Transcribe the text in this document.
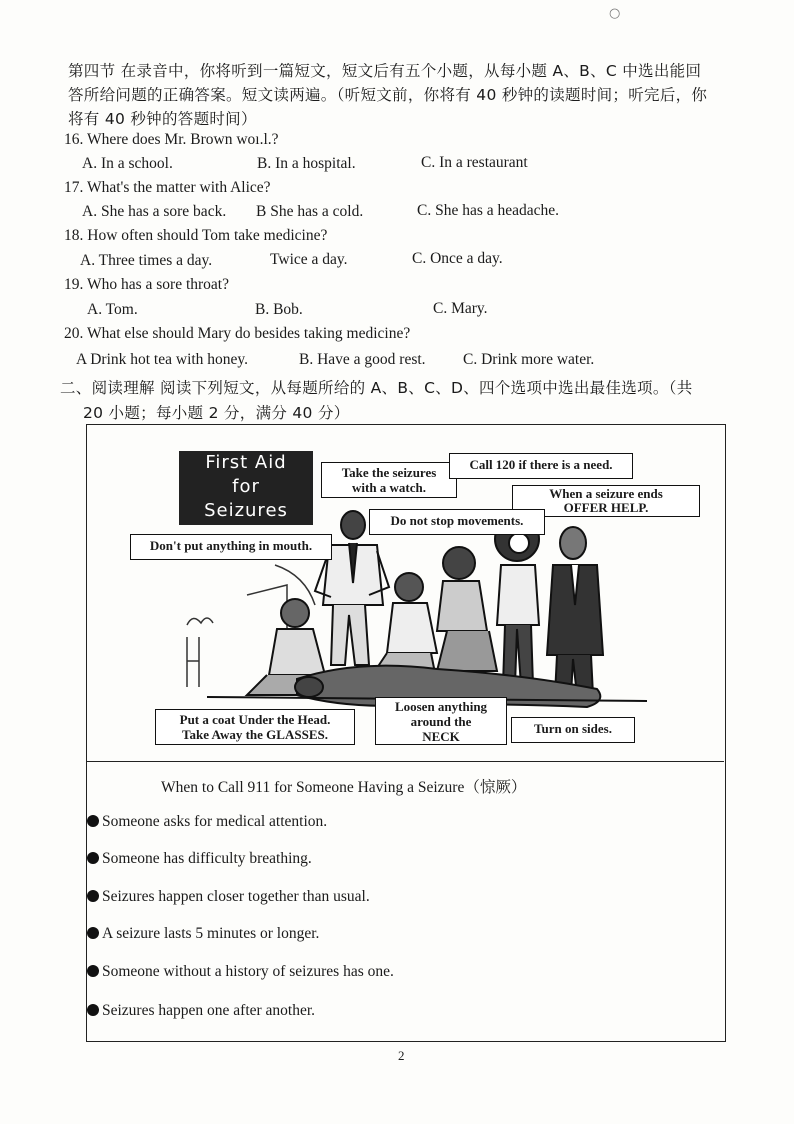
○
第四节 在录音中，你将听到一篇短文，短文后有五个小题，从每小题 A、B、C 中选出能回
答所给问题的正确答案。短文读两遍。（听短文前，你将有 40 秒钟的读题时间；听完后，你
将有 40 秒钟的答题时间）
16. Where does Mr. Brown woı.l.?
A. In a school.	B. In a hospital.	C. In a restaurant
17. What's the matter with Alice?
A. She has a sore back. B She has a cold.	C. She has a headache.
18. How often should Tom take medicine?
A. Three times a day.	Twice a day.	C. Once a day.
19. Who has a sore throat?
A. Tom.	B. Bob.	C. Mary.
20. What else should Mary do besides taking medicine?
A Drink hot tea with honey.	B. Have a good rest. C. Drink more water.
二、阅读理解 阅读下列短文，从每题所给的 A、B、C、D、四个选项中选出最佳选项。（共
20 小题；每小题 2 分，满分 40 分）
First Aid
for
Seizures
Take the seizures
with a watch.
Call 120 if there is a need.
When a seizure ends
OFFER HELP.
Do not stop movements.
Don't put anything in mouth.
Put a coat Under the Head.
Take Away the GLASSES.
Loosen anything
around the
NECK
Turn on sides.
When to Call 911 for Someone Having a Seizure（惊厥）
Someone asks for medical attention.
Someone has difficulty breathing.
Seizures happen closer together than usual.
A seizure lasts 5 minutes or longer.
Someone without a history of seizures has one.
Seizures happen one after another.
2
